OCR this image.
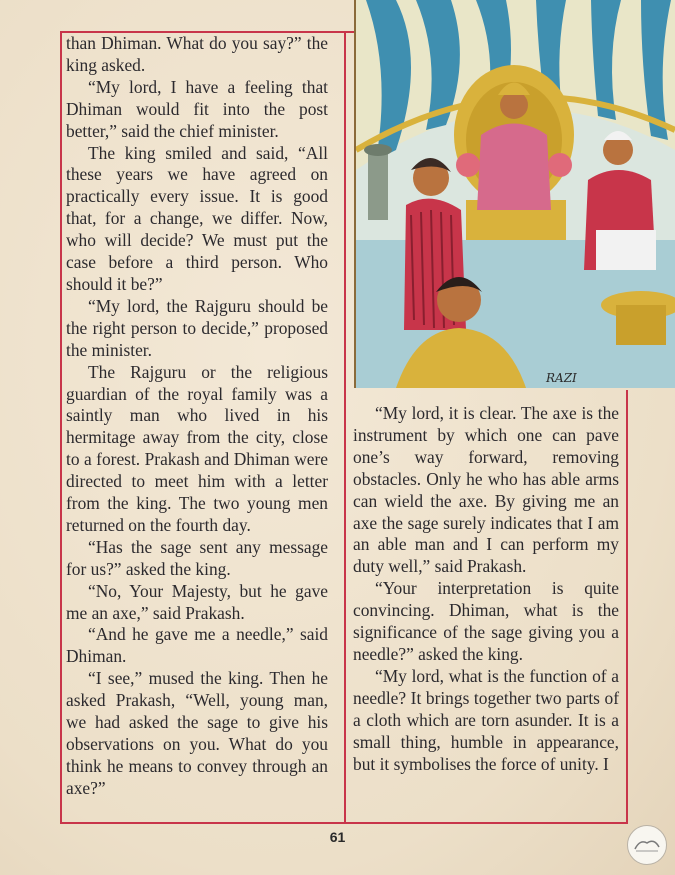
than Dhiman. What do you say?” the king asked.

“My lord, I have a feeling that Dhiman would fit into the post better,” said the chief minister.

The king smiled and said, “All these years we have agreed on practically every issue. It is good that, for a change, we differ. Now, who will decide? We must put the case before a third person. Who should it be?”

“My lord, the Rajguru should be the right person to decide,” proposed the minister.

The Rajguru or the religious guardian of the royal family was a saintly man who lived in his hermitage away from the city, close to a forest. Prakash and Dhiman were directed to meet him with a letter from the king. The two young men returned on the fourth day.

“Has the sage sent any message for us?” asked the king.

“No, Your Majesty, but he gave me an axe,” said Prakash.

“And he gave me a needle,” said Dhiman.

“I see,” mused the king. Then he asked Prakash, “Well, young man, we had asked the sage to give his observations on you. What do you think he means to convey through an axe?”

RAZI

“My lord, it is clear. The axe is the instrument by which one can pave one’s way forward, removing obstacles. Only he who has able arms can wield the axe. By giving me an axe the sage surely indicates that I am an able man and I can perform my duty well,” said Prakash.

“Your interpretation is quite convincing. Dhiman, what is the significance of the sage giving you a needle?” asked the king.

“My lord, what is the function of a needle? It brings together two parts of a cloth which are torn asunder. It is a small thing, humble in appearance, but it symbolises the force of unity. I

61
